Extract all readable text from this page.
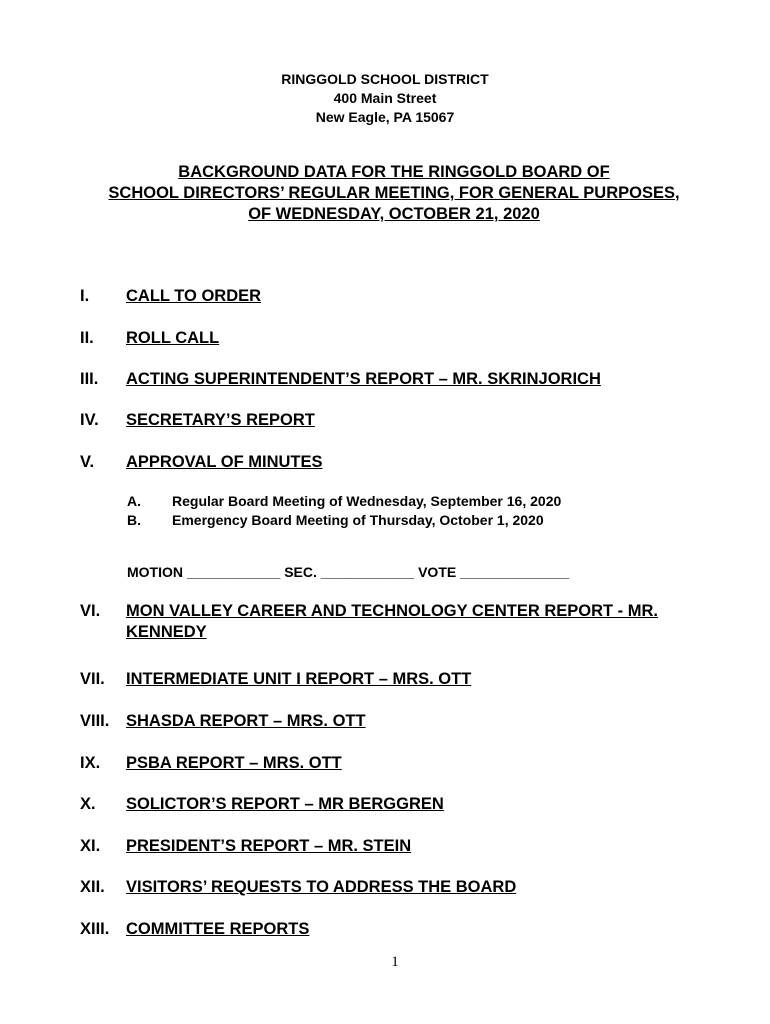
RINGGOLD SCHOOL DISTRICT
400 Main Street
New Eagle, PA 15067
BACKGROUND DATA FOR THE RINGGOLD BOARD OF
SCHOOL DIRECTORS’ REGULAR MEETING, FOR GENERAL PURPOSES,
OF WEDNESDAY, OCTOBER 21, 2020
I.	CALL TO ORDER
II.	ROLL CALL
III.	ACTING SUPERINTENDENT’S REPORT – MR. SKRINJORICH
IV.	SECRETARY’S REPORT
V.	APPROVAL OF MINUTES
A. Regular Board Meeting of Wednesday, September 16, 2020
B. Emergency Board Meeting of Thursday, October 1, 2020
MOTION ____________ SEC. ____________ VOTE ______________
VI.	MON VALLEY CAREER AND TECHNOLOGY CENTER REPORT - MR. KENNEDY
VII.	INTERMEDIATE UNIT I REPORT – MRS. OTT
VIII.	SHASDA REPORT – MRS. OTT
IX.	PSBA REPORT – MRS. OTT
X.	SOLICTOR’S REPORT – MR BERGGREN
XI.	PRESIDENT’S REPORT – MR. STEIN
XII.	VISITORS’ REQUESTS TO ADDRESS THE BOARD
XIII.	COMMITTEE REPORTS
1
